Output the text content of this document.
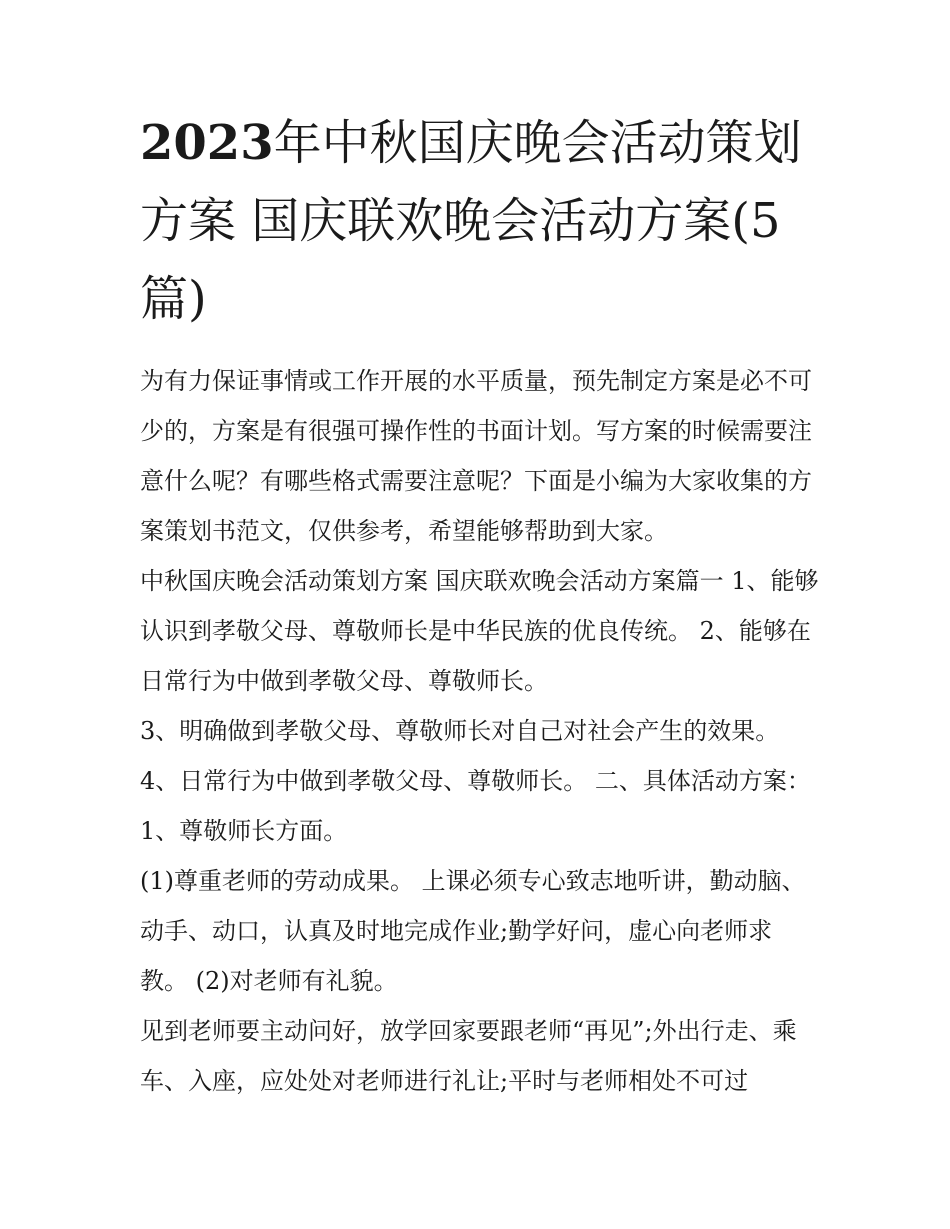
2023年中秋国庆晚会活动策划方案 国庆联欢晚会活动方案(5篇)

为有力保证事情或工作开展的水平质量，预先制定方案是必不可少的，方案是有很强可操作性的书面计划。写方案的时候需要注意什么呢？有哪些格式需要注意呢？下面是小编为大家收集的方案策划书范文，仅供参考，希望能够帮助到大家。

中秋国庆晚会活动策划方案 国庆联欢晚会活动方案篇一 1、能够认识到孝敬父母、尊敬师长是中华民族的优良传统。 2、能够在日常行为中做到孝敬父母、尊敬师长。

3、明确做到孝敬父母、尊敬师长对自己对社会产生的效果。

4、日常行为中做到孝敬父母、尊敬师长。 二、具体活动方案： 1、尊敬师长方面。

(1)尊重老师的劳动成果。 上课必须专心致志地听讲，勤动脑、动手、动口，认真及时地完成作业;勤学好问，虚心向老师求教。 (2)对老师有礼貌。

见到老师要主动问好，放学回家要跟老师“再见”;外出行走、乘车、入座，应处处对老师进行礼让;平时与老师相处不可过
